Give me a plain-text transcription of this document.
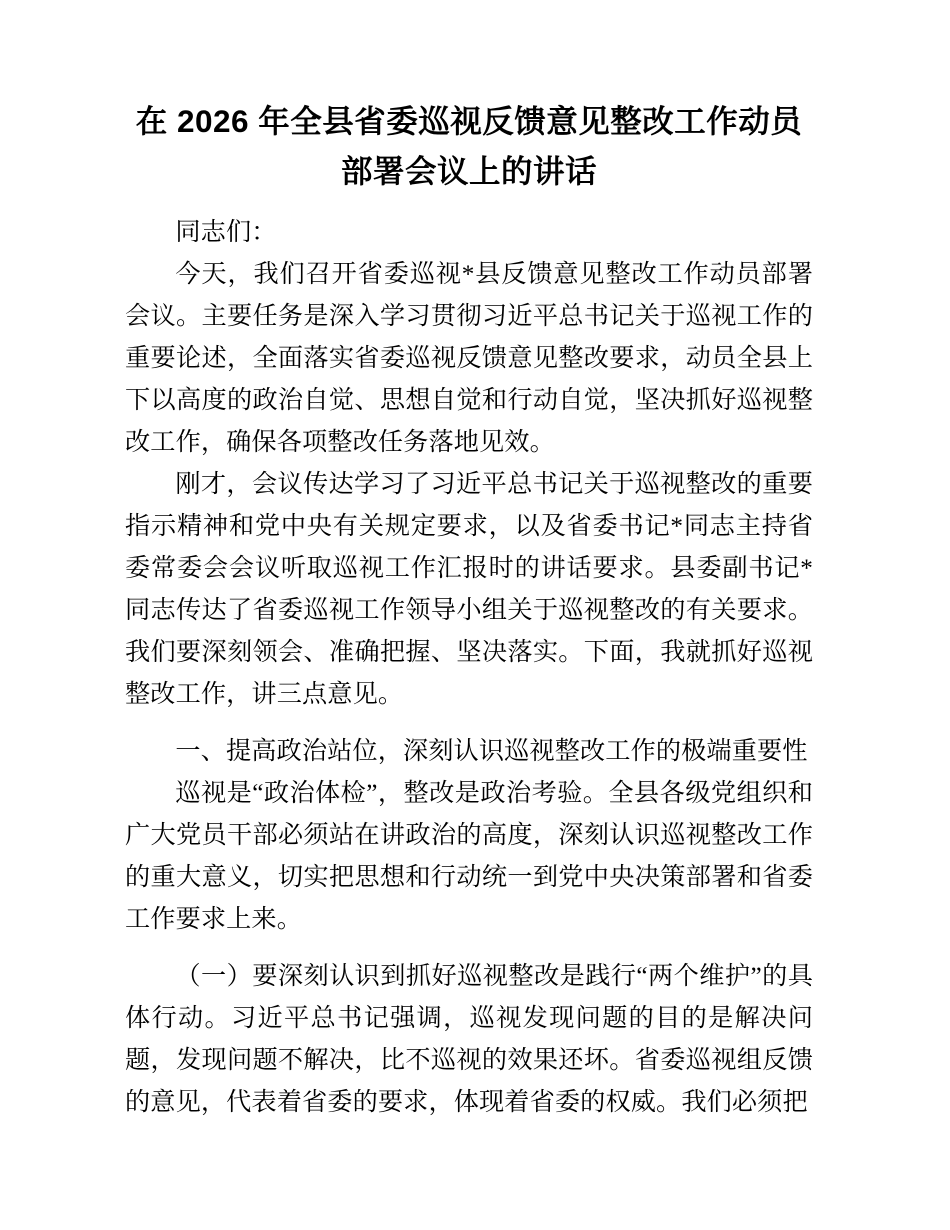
在 2026 年全县省委巡视反馈意见整改工作动员
部署会议上的讲话

同志们：

今天，我们召开省委巡视*县反馈意见整改工作动员部署会议。主要任务是深入学习贯彻习近平总书记关于巡视工作的重要论述，全面落实省委巡视反馈意见整改要求，动员全县上下以高度的政治自觉、思想自觉和行动自觉，坚决抓好巡视整改工作，确保各项整改任务落地见效。

刚才，会议传达学习了习近平总书记关于巡视整改的重要指示精神和党中央有关规定要求，以及省委书记*同志主持省委常委会会议听取巡视工作汇报时的讲话要求。县委副书记*同志传达了省委巡视工作领导小组关于巡视整改的有关要求。我们要深刻领会、准确把握、坚决落实。下面，我就抓好巡视整改工作，讲三点意见。

一、提高政治站位，深刻认识巡视整改工作的极端重要性

巡视是“政治体检”，整改是政治考验。全县各级党组织和广大党员干部必须站在讲政治的高度，深刻认识巡视整改工作的重大意义，切实把思想和行动统一到党中央决策部署和省委工作要求上来。

（一）要深刻认识到抓好巡视整改是践行“两个维护”的具体行动。习近平总书记强调，巡视发现问题的目的是解决问题，发现问题不解决，比不巡视的效果还坏。省委巡视组反馈的意见，代表着省委的要求，体现着省委的权威。我们必须把
